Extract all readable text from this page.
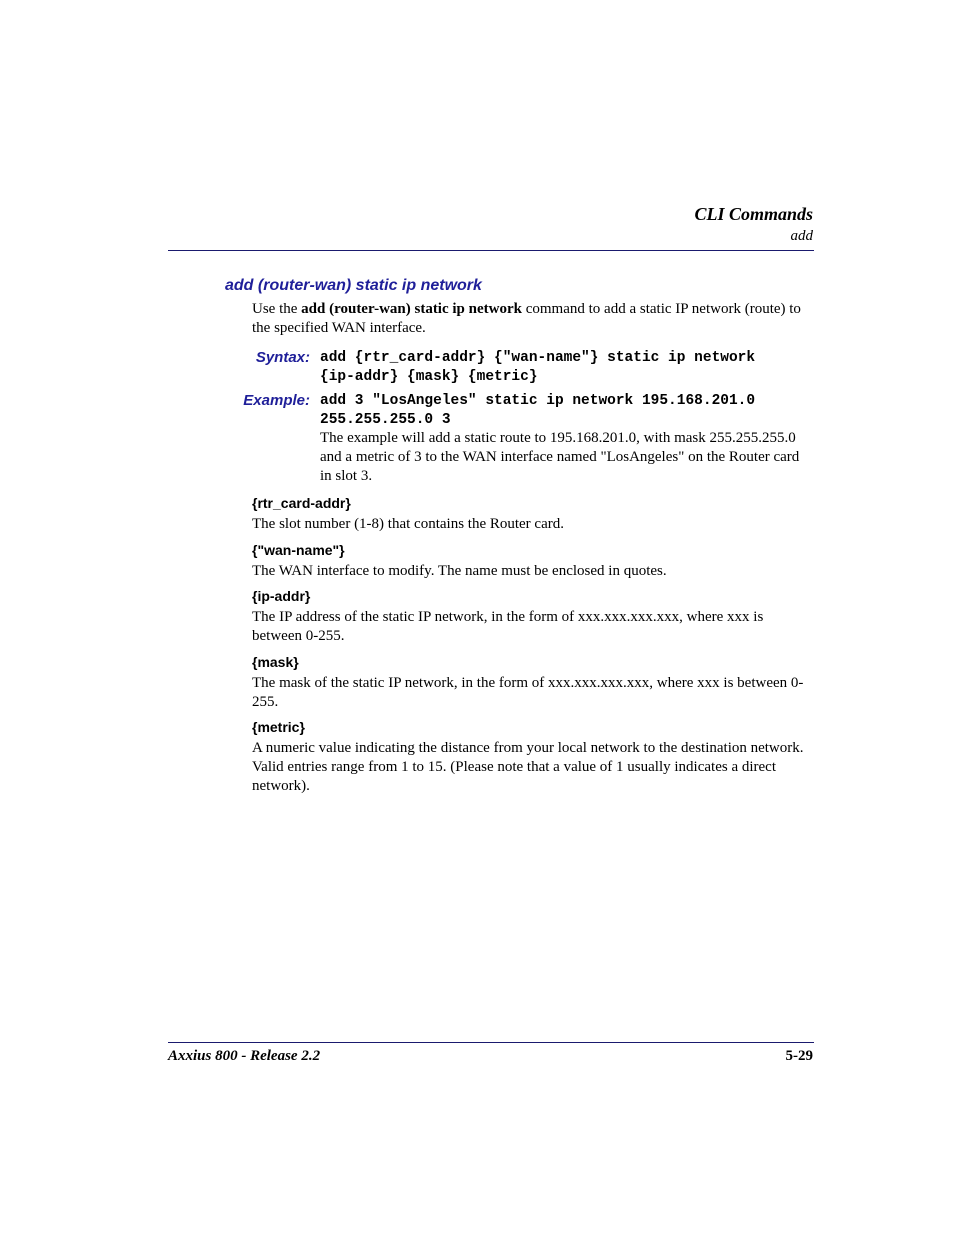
CLI Commands
add
add (router-wan) static ip network
Use the add (router-wan) static ip network command to add a static IP network (route) to the specified WAN interface.
Syntax: add {rtr_card-addr} {"wan-name"} static ip network
{ip-addr} {mask} {metric}
Example: add 3 "LosAngeles" static ip network 195.168.201.0
255.255.255.0 3
The example will add a static route to 195.168.201.0, with mask 255.255.255.0 and a metric of 3 to the WAN interface named "LosAngeles" on the Router card in slot 3.
{rtr_card-addr}
The slot number (1-8) that contains the Router card.
{"wan-name"}
The WAN interface to modify. The name must be enclosed in quotes.
{ip-addr}
The IP address of the static IP network, in the form of xxx.xxx.xxx.xxx, where xxx is between 0-255.
{mask}
The mask of the static IP network, in the form of xxx.xxx.xxx.xxx, where xxx is between 0-255.
{metric}
A numeric value indicating the distance from your local network to the destination network. Valid entries range from 1 to 15. (Please note that a value of 1 usually indicates a direct network).
Axxius 800 - Release 2.2	5-29
